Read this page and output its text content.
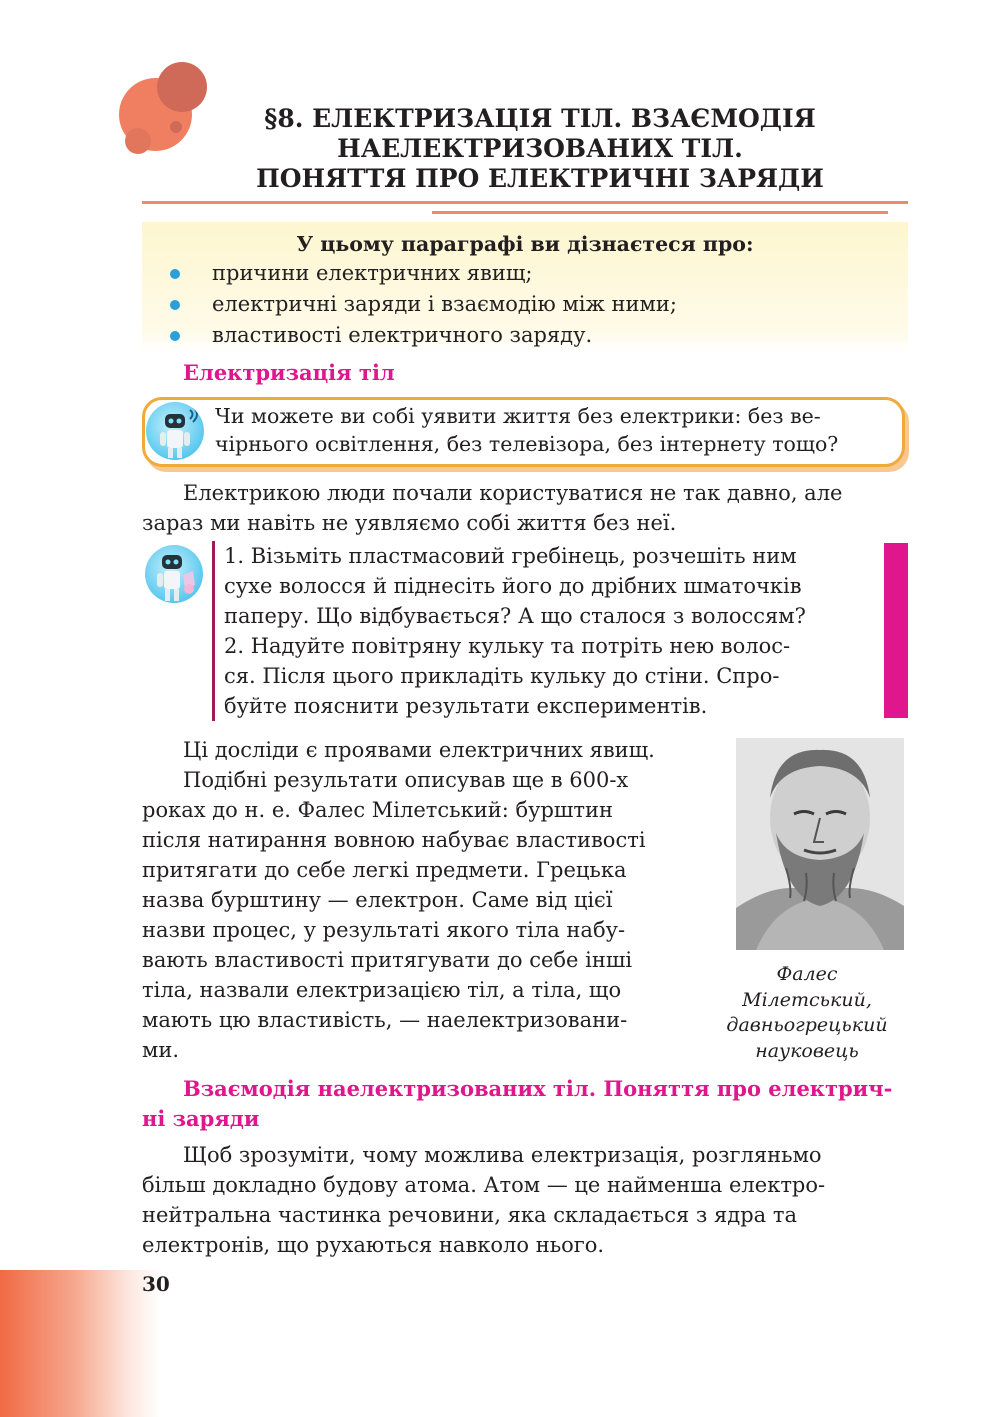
§8. ЕЛЕКТРИЗАЦІЯ ТІЛ. ВЗАЄМОДІЯ
НАЕЛЕКТРИЗОВАНИХ ТІЛ.
ПОНЯТТЯ ПРО ЕЛЕКТРИЧНІ ЗАРЯДИ
У цьому параграфі ви дізнаєтеся про:
причини електричних явищ;
електричні заряди і взаємодію між ними;
властивості електричного заряду.
Електризація тіл
Чи можете ви собі уявити життя без електрики: без ве-
чірнього освітлення, без телевізора, без інтернету тощо?
Електрикою люди почали користуватися не так давно, але
зараз ми навіть не уявляємо собі життя без неї.
1. Візьміть пластмасовий гребінець, розчешіть ним
сухе волосся й піднесіть його до дрібних шматочків
паперу. Що відбувається? А що сталося з волоссям?
2. Надуйте повітряну кульку та потріть нею волос-
ся. Після цього прикладіть кульку до стіни. Спро-
буйте пояснити результати експериментів.
Ці досліди є проявами електричних явищ.
Подібні результати описував ще в 600-х
роках до н. е. Фалес Мілетський: бурштин
після натирання вовною набуває властивості
притягати до себе легкі предмети. Грецька
назва бурштину — електрон. Саме від цієї
назви процес, у результаті якого тіла набу-
вають властивості притягувати до себе інші
тіла, назвали електризацією тіл, а тіла, що
мають цю властивість, — наелектризовани-
ми.
Фалес
Мілетський,
давньогрецький
науковець
Взаємодія наелектризованих тіл. Поняття про електрич-
ні заряди
Щоб зрозуміти, чому можлива електризація, розгляньмо
більш докладно будову атома. Атом — це найменша електро-
нейтральна частинка речовини, яка складається з ядра та
електронів, що рухаються навколо нього.
30
